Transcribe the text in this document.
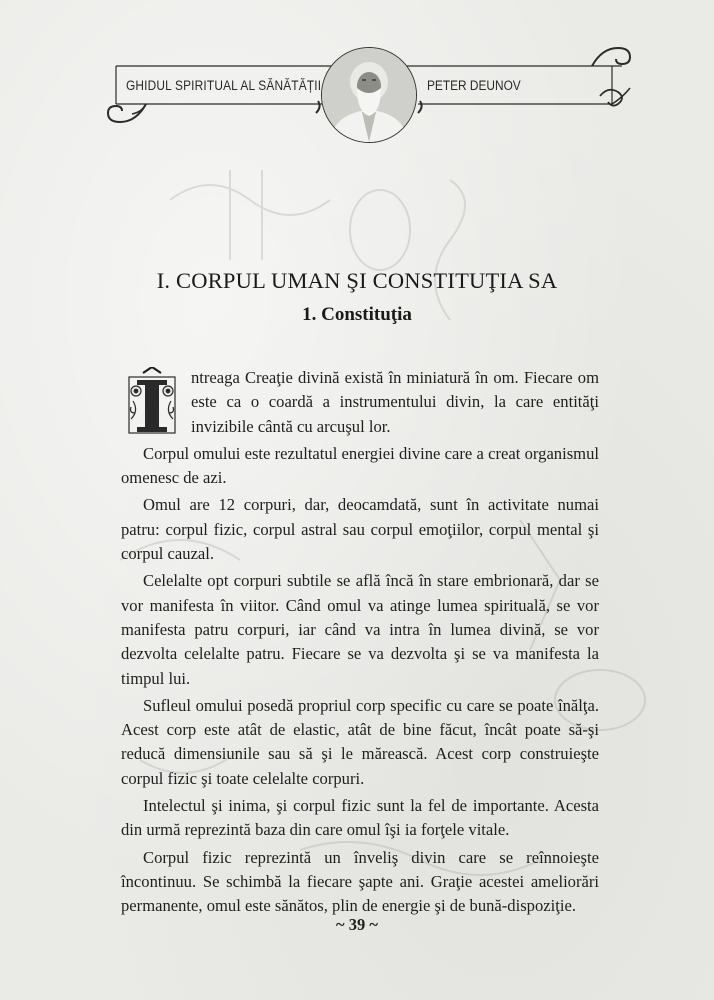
GHIDUL SPIRITUAL AL SĂNĂTĂȚII	PETER DEUNOV
I. CORPUL UMAN ŞI CONSTITUŢIA SA
1. Constituţia

ntreaga Creaţie divină există în miniatură în om. Fiecare om este ca o coardă a instrumentului divin, la care entităţi invizibile cântă cu arcuşul lor.

Corpul omului este rezultatul energiei divine care a creat organismul omenesc de azi.

Omul are 12 corpuri, dar, deocamdată, sunt în activitate numai patru: corpul fizic, corpul astral sau corpul emoţiilor, corpul mental şi corpul cauzal.

Celelalte opt corpuri subtile se află încă în stare embrionară, dar se vor manifesta în viitor. Când omul va atinge lumea spirituală, se vor manifesta patru corpuri, iar când va intra în lumea divină, se vor dezvolta celelalte patru. Fiecare se va dezvolta şi se va manifesta la timpul lui.

Sufleul omului posedă propriul corp specific cu care se poate înălţa. Acest corp este atât de elastic, atât de bine făcut, încât poate să-şi reducă dimensiunile sau să şi le mărească. Acest corp construieşte corpul fizic şi toate celelalte corpuri.

Intelectul şi inima, şi corpul fizic sunt la fel de importante. Acesta din urmă reprezintă baza din care omul îşi ia forţele vitale.

Corpul fizic reprezintă un înveliş divin care se reînnoieşte încontinuu. Se schimbă la fiecare şapte ani. Graţie acestei ameliorări permanente, omul este sănătos, plin de energie şi de bună-dispoziţie.

~ 39 ~
